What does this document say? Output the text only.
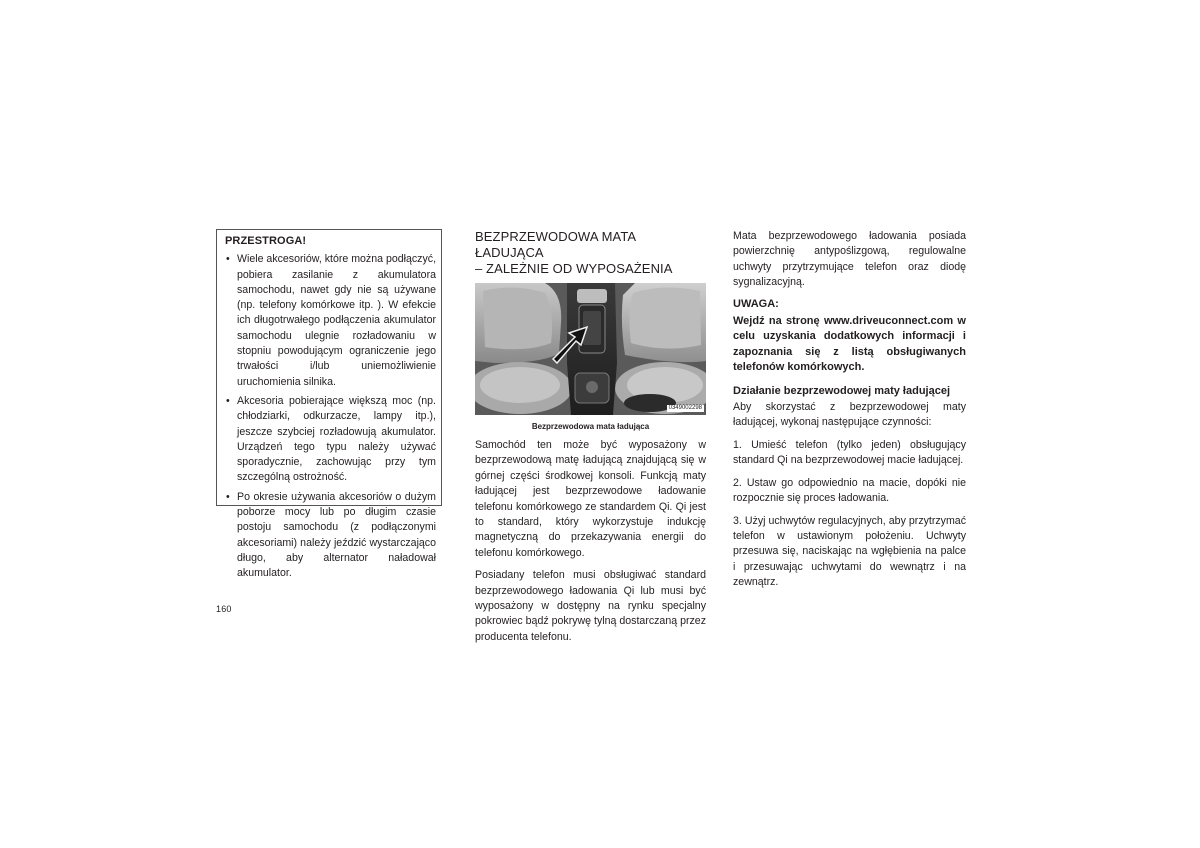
PRZESTROGA!
• Wiele akcesoriów, które można podłączyć, pobiera zasilanie z akumulatora samochodu, nawet gdy nie są używane (np. telefony komórkowe itp. ). W efekcie ich długotrwałego podłączenia akumulator samochodu ulegnie rozładowaniu w stopniu powodującym ograniczenie jego trwałości i/lub uniemożliwienie uruchomienia silnika.
• Akcesoria pobierające większą moc (np. chłodziarki, odkurzacze, lampy itp.), jeszcze szybciej rozładowują akumulator. Urządzeń tego typu należy używać sporadycznie, zachowując przy tym szczególną ostrożność.
• Po okresie używania akcesoriów o dużym poborze mocy lub po długim czasie postoju samochodu (z podłączonymi akcesoriami) należy jeździć wystarczająco długo, aby alternator naładował akumulator.
160
BEZPRZEWODOWA MATA ŁADUJĄCA
– ZALEŻNIE OD WYPOSAŻENIA
0349002298
Bezprzewodowa mata ładująca

Samochód ten może być wyposażony w bezprzewodową matę ładującą znajdującą się w górnej części środkowej konsoli. Funkcją maty ładującej jest bezprzewodowe ładowanie telefonu komórkowego ze standardem Qi. Qi jest to standard, który wykorzystuje indukcję magnetyczną do przekazywania energii do telefonu komórkowego.

Posiadany telefon musi obsługiwać standard bezprzewodowego ładowania Qi lub musi być wyposażony w dostępny na rynku specjalny pokrowiec bądź pokrywę tylną dostarczaną przez producenta telefonu.

Mata bezprzewodowego ładowania posiada powierzchnię antypoślizgową, regulowalne uchwyty przytrzymujące telefon oraz diodę sygnalizacyjną.

UWAGA:

Wejdź na stronę www.driveuconnect.com w celu uzyskania dodatkowych informacji i zapoznania się z listą obsługiwanych telefonów komórkowych.

Działanie bezprzewodowej maty ładującej

Aby skorzystać z bezprzewodowej maty ładującej, wykonaj następujące czynności:

1. Umieść telefon (tylko jeden) obsługujący standard Qi na bezprzewodowej macie ładującej.

2. Ustaw go odpowiednio na macie, dopóki nie rozpocznie się proces ładowania.

3. Użyj uchwytów regulacyjnych, aby przytrzymać telefon w ustawionym położeniu. Uchwyty przesuwa się, naciskając na wgłębienia na palce i przesuwając uchwytami do wewnątrz i na zewnątrz.
